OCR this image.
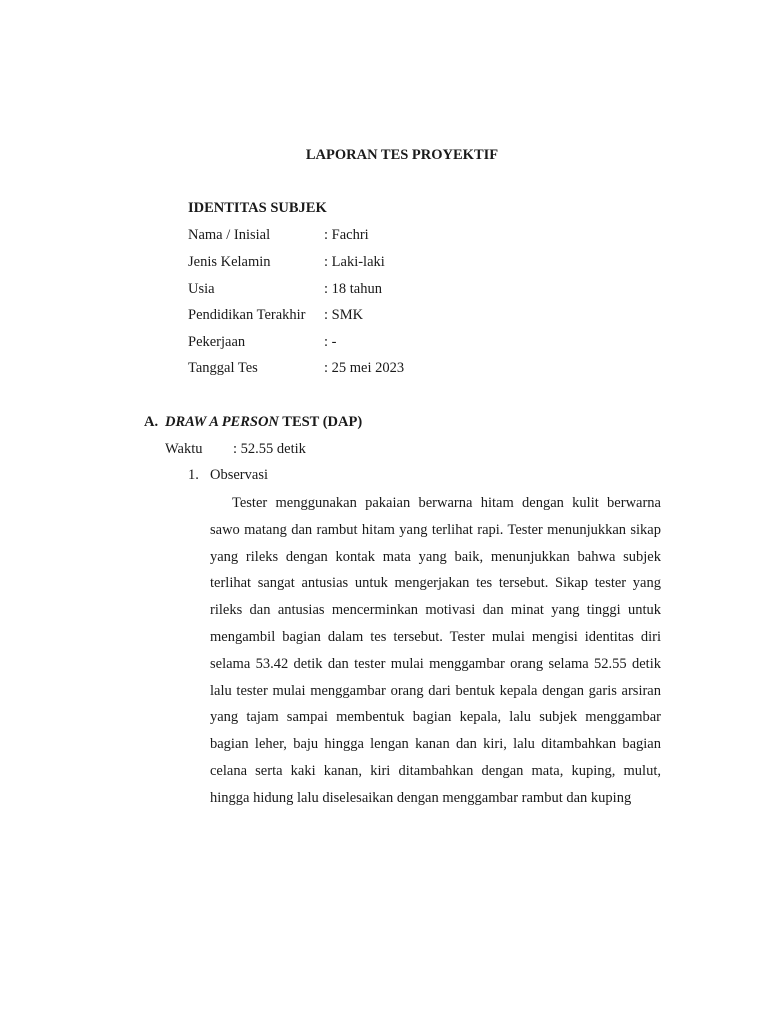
LAPORAN TES PROYEKTIF
IDENTITAS SUBJEK
Nama / Inisial	: Fachri
Jenis Kelamin	: Laki-laki
Usia	: 18 tahun
Pendidikan Terakhir : SMK
Pekerjaan	: -
Tanggal Tes	: 25 mei 2023
A. DRAW A PERSON TEST (DAP)
Waktu : 52.55 detik
1. Observasi

Tester menggunakan pakaian berwarna hitam dengan kulit berwarna sawo matang dan rambut hitam yang terlihat rapi. Tester menunjukkan sikap yang rileks dengan kontak mata yang baik, menunjukkan bahwa subjek terlihat sangat antusias untuk mengerjakan tes tersebut. Sikap tester yang rileks dan antusias mencerminkan motivasi dan minat yang tinggi untuk mengambil bagian dalam tes tersebut. Tester mulai mengisi identitas diri selama 53.42 detik dan tester mulai menggambar orang selama 52.55 detik lalu tester mulai menggambar orang dari bentuk kepala dengan garis arsiran yang tajam sampai membentuk bagian kepala, lalu subjek menggambar bagian leher, baju hingga lengan kanan dan kiri, lalu ditambahkan bagian celana serta kaki kanan, kiri ditambahkan dengan mata, kuping, mulut, hingga hidung lalu diselesaikan dengan menggambar rambut dan kuping
